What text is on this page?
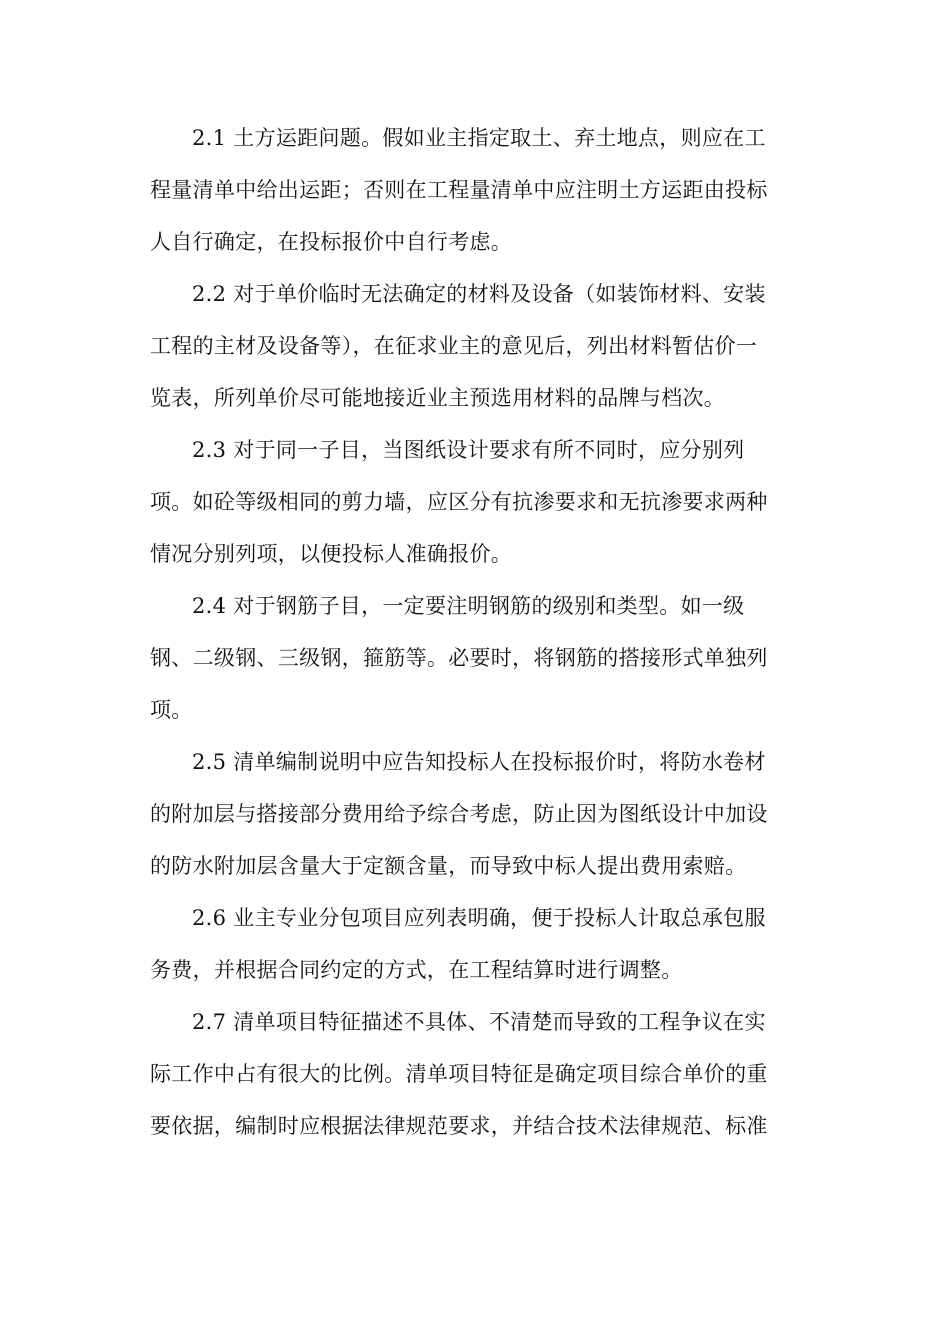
2.1 土方运距问题。假如业主指定取土、弃土地点，则应在工
程量清单中给出运距；否则在工程量清单中应注明土方运距由投标
人自行确定，在投标报价中自行考虑。

2.2 对于单价临时无法确定的材料及设备（如装饰材料、安装
工程的主材及设备等），在征求业主的意见后，列出材料暂估价一
览表，所列单价尽可能地接近业主预选用材料的品牌与档次。

2.3 对于同一子目，当图纸设计要求有所不同时，应分别列
项。如砼等级相同的剪力墙，应区分有抗渗要求和无抗渗要求两种
情况分别列项，以便投标人准确报价。

2.4 对于钢筋子目，一定要注明钢筋的级别和类型。如一级
钢、二级钢、三级钢，箍筋等。必要时，将钢筋的搭接形式单独列
项。

2.5 清单编制说明中应告知投标人在投标报价时，将防水卷材
的附加层与搭接部分费用给予综合考虑，防止因为图纸设计中加设
的防水附加层含量大于定额含量，而导致中标人提出费用索赔。

2.6 业主专业分包项目应列表明确，便于投标人计取总承包服
务费，并根据合同约定的方式，在工程结算时进行调整。

2.7 清单项目特征描述不具体、不清楚而导致的工程争议在实
际工作中占有很大的比例。清单项目特征是确定项目综合单价的重
要依据，编制时应根据法律规范要求，并结合技术法律规范、标准
